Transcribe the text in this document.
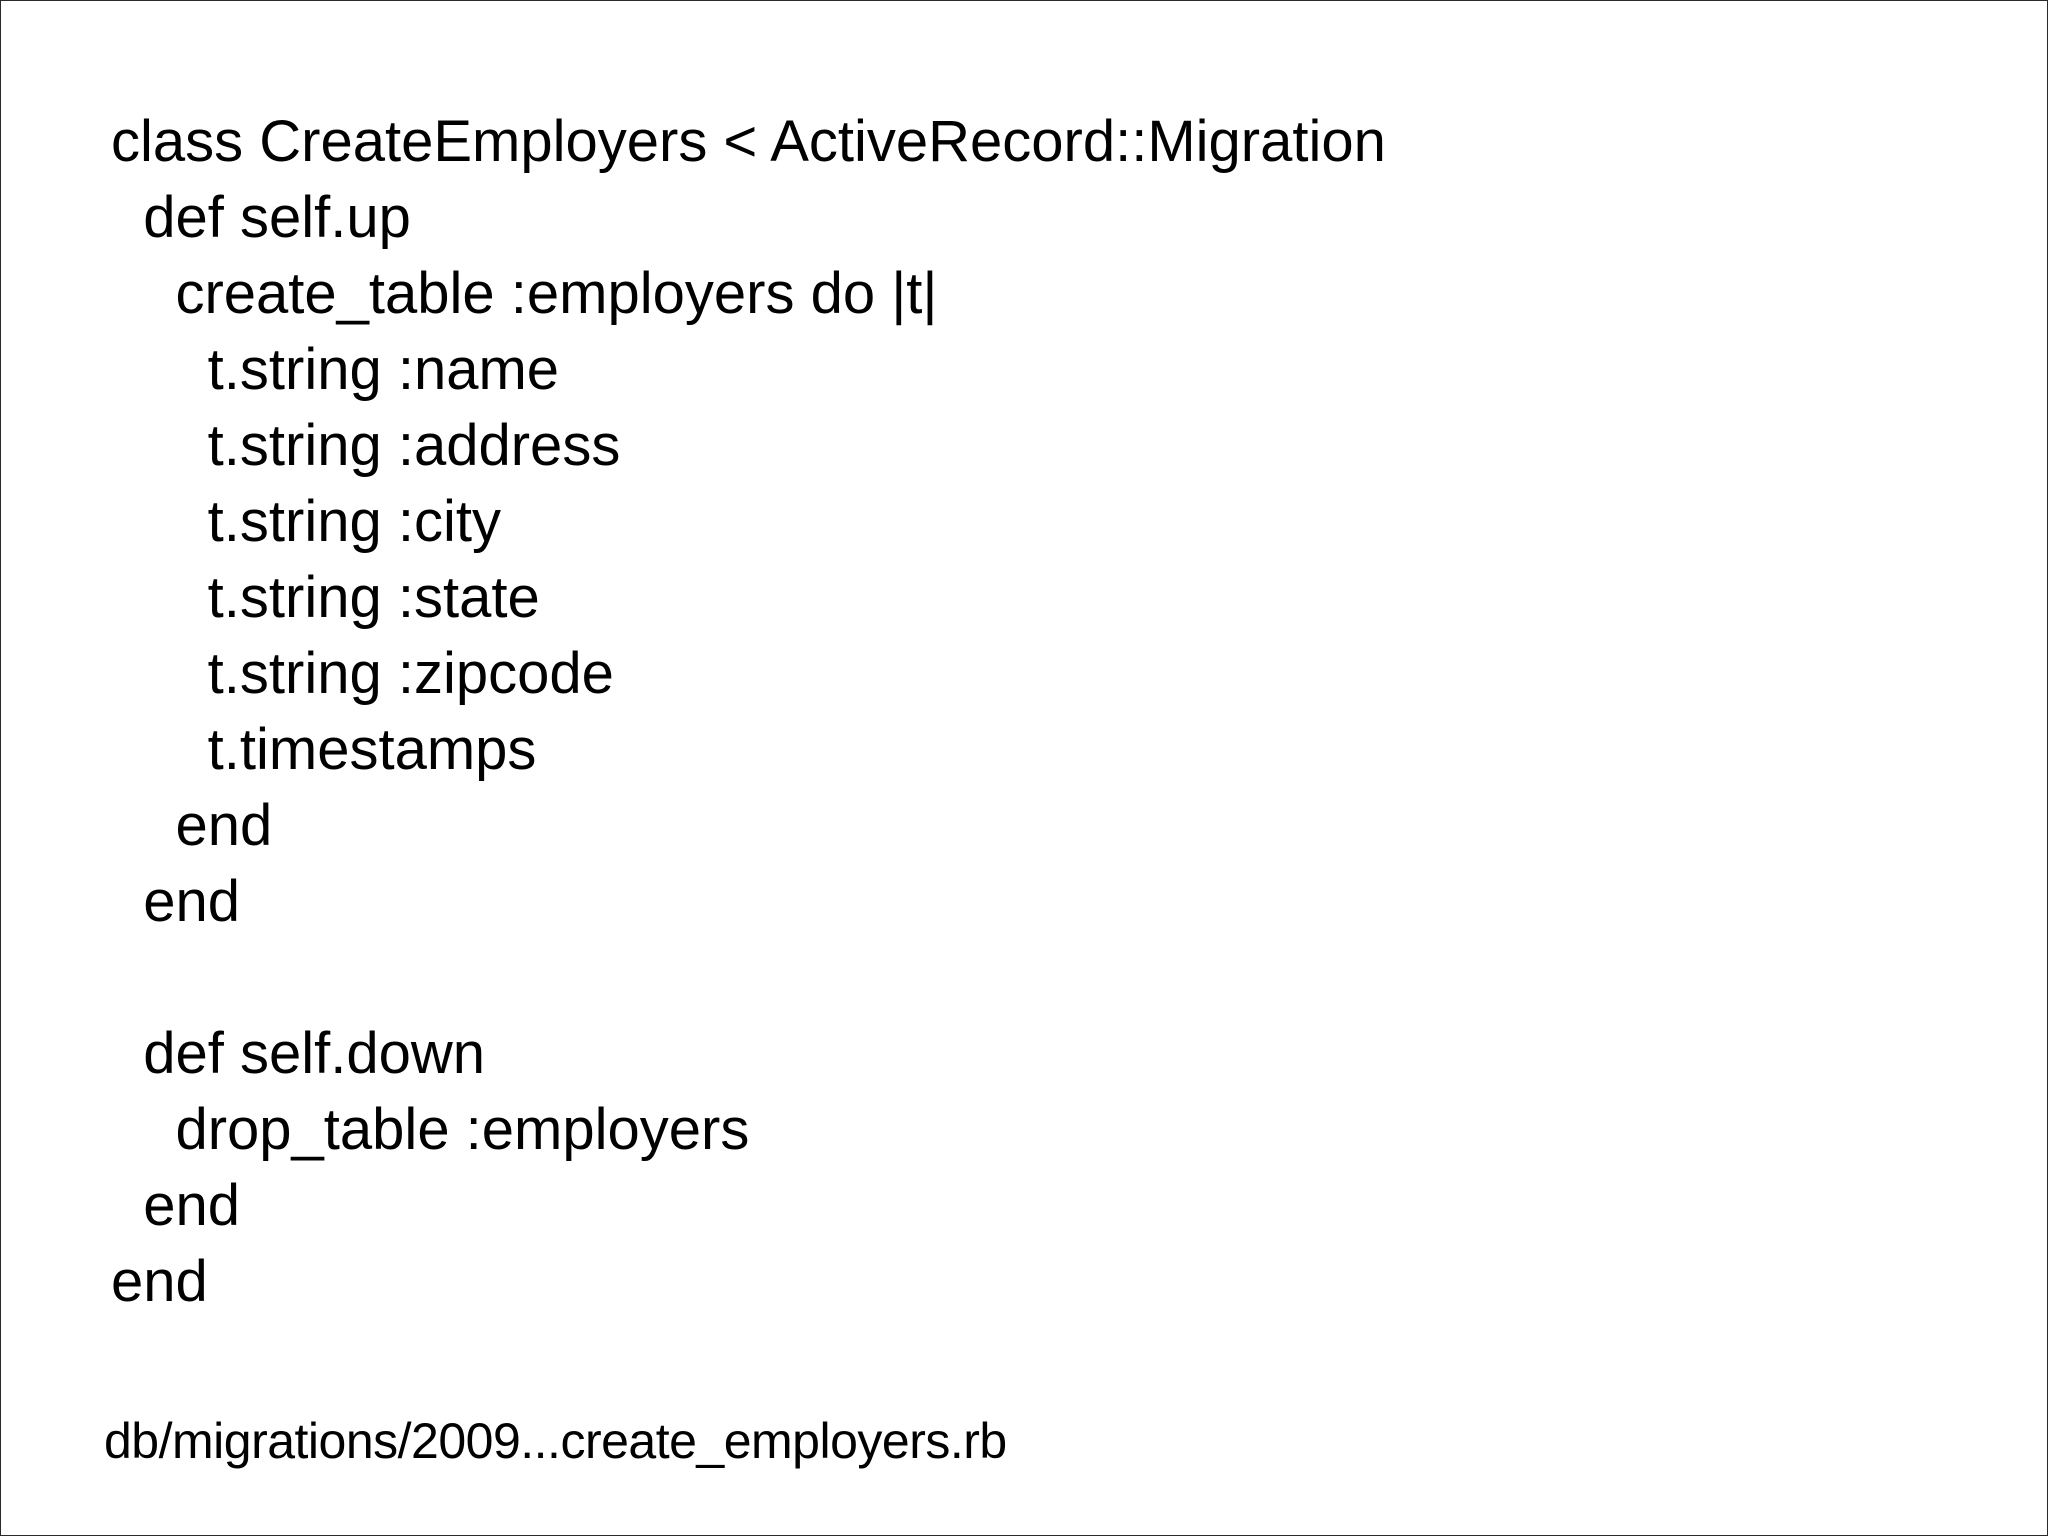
class CreateEmployers < ActiveRecord::Migration
def self.up
create_table :employers do |t|
t.string :name
t.string :address
t.string :city
t.string :state
t.string :zipcode
t.timestamps
end
end
def self.down
drop_table :employers
end
end
db/migrations/2009...create_employers.rb
